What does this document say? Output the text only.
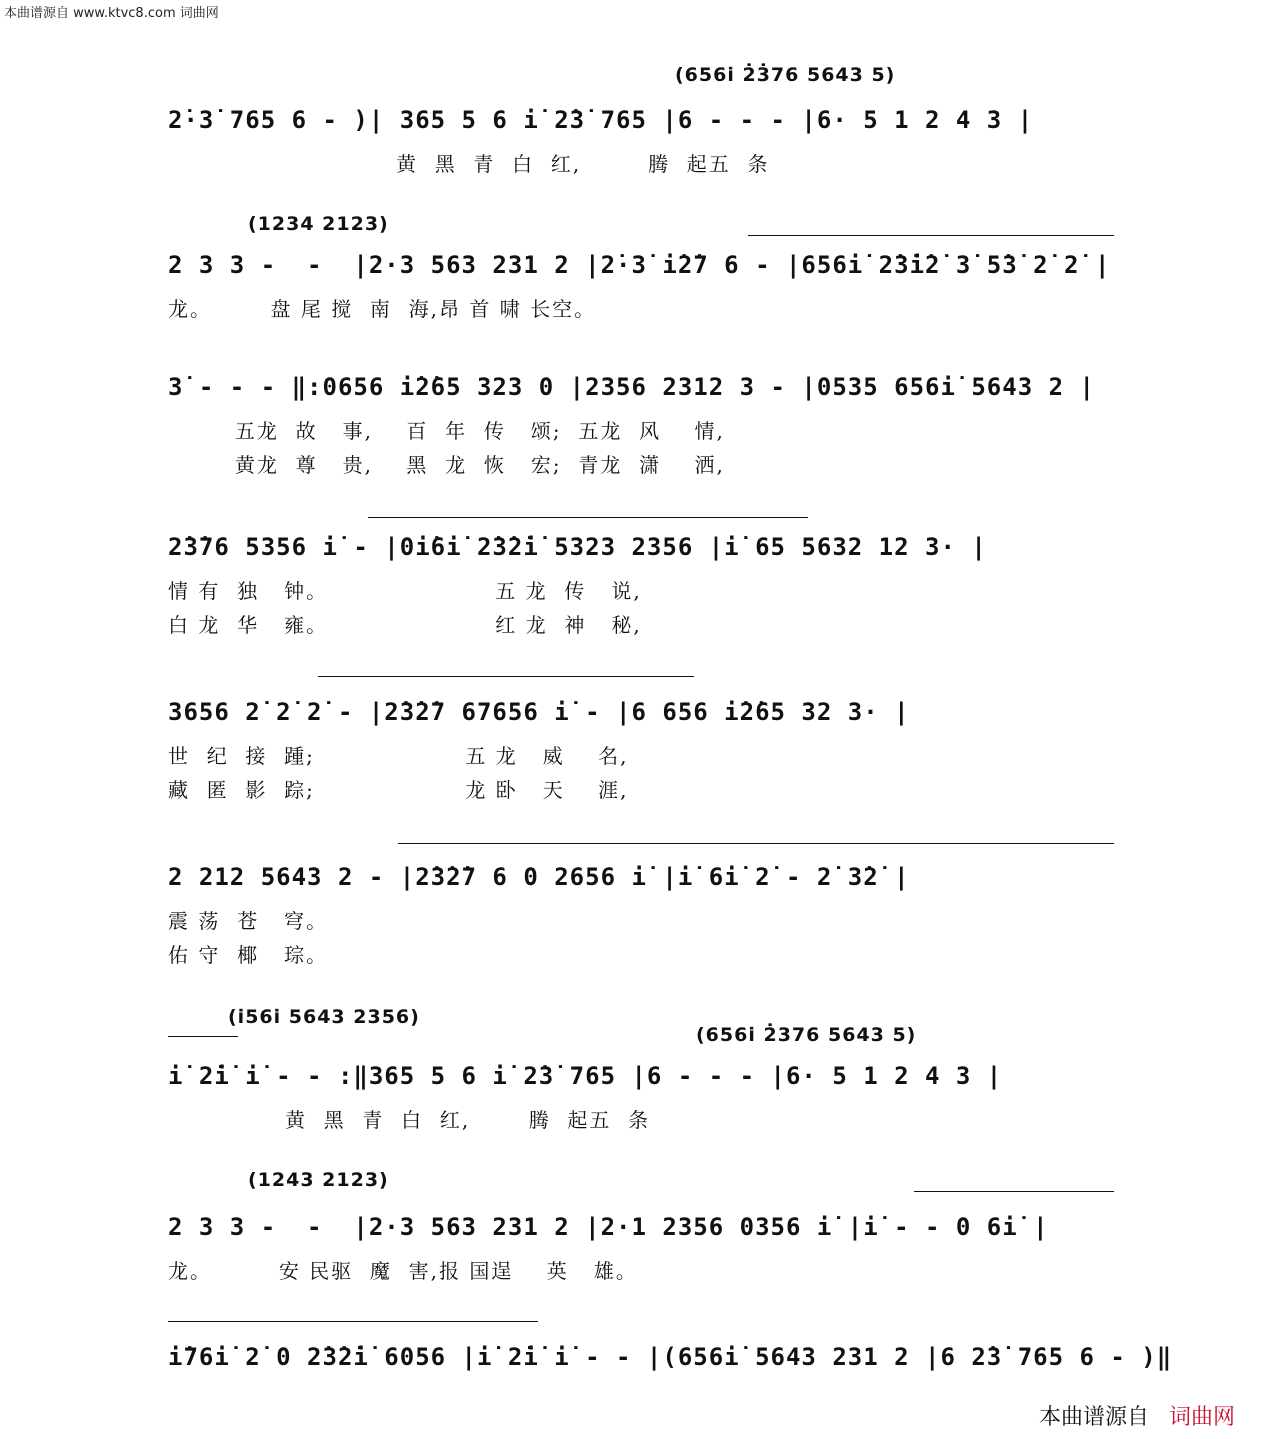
本曲谱源自 www.ktvc8.com 词曲网
(656i̇ 2̇3̇76 5643 5)
2̇·3̇ 765 6 - )| 365 5 6 i̇ 2̇3̇ 765 |6 - - - |6· 5 1 2 4 3 |
黄  黑  青  白  红,        腾  起五  条
(1234 2123)
2 3 3 -  -  |2·3 563 231 2 |2̇·3̇ i̇2̇7 6 - |656i̇ 2̇3̇i̇2̇ 3̇ 5̇3̇ 2̇ 2̇ |
龙。       盘 尾 搅  南  海,昂 首 啸 长空。
3̇ - - - ‖:0656 i̇2̇65 323 0 |2356 2312 3 - |0535 656i̇ 5643 2 |
五龙  故   事,    百  年  传   颂;  五龙  风    情,
黄龙  尊   贵,    黑  龙  恢   宏;  青龙  潇    洒,
2̇3̇76 5356 i̇ - |0i̇6i̇ 2̇3̇2̇i̇ 5323 2356 |i̇ 65 5632 12 3· |
情 有  独   钟。                    五 龙  传   说,
白 龙  华   雍。                    红 龙  神   秘,
3656 2̇ 2̇ 2̇ - |2̇3̇2̇7 67656 i̇ - |6 656 i̇2̇65 32 3· |
世  纪  接  踵;                  五 龙   威    名,
藏  匿  影  踪;                  龙 卧   天    涯,
2 212 5643 2 - |2̇3̇2̇7 6 0 2656 i̇ |i̇ 6i̇ 2̇ - 2̇ 3̇2̇ |
震 荡  苍   穹。
佑 守  椰   琮。
(i̇56i̇ 5643 2356)
(656i̇ 2̇376 5643 5)
i̇ 2̇i̇ i̇ - - :‖365 5 6 i̇ 2̇3̇ 765 |6 - - - |6· 5 1 2 4 3 |
黄  黑  青  白  红,       腾  起五  条
(1243 2123)
2 3 3 -  -  |2·3 563 231 2 |2·1 2356 0356 i̇ |i̇ - - 0 6i̇ |
龙。        安 民驱  魔  害,报 国逞    英   雄。
i̇76i̇ 2̇ 0 2̇3̇2̇i̇ 6056 |i̇ 2̇i̇ i̇ - - |(656i̇ 5643 231 2 |6 2̇3̇ 765 6 - )‖
本曲谱源自 词曲网
